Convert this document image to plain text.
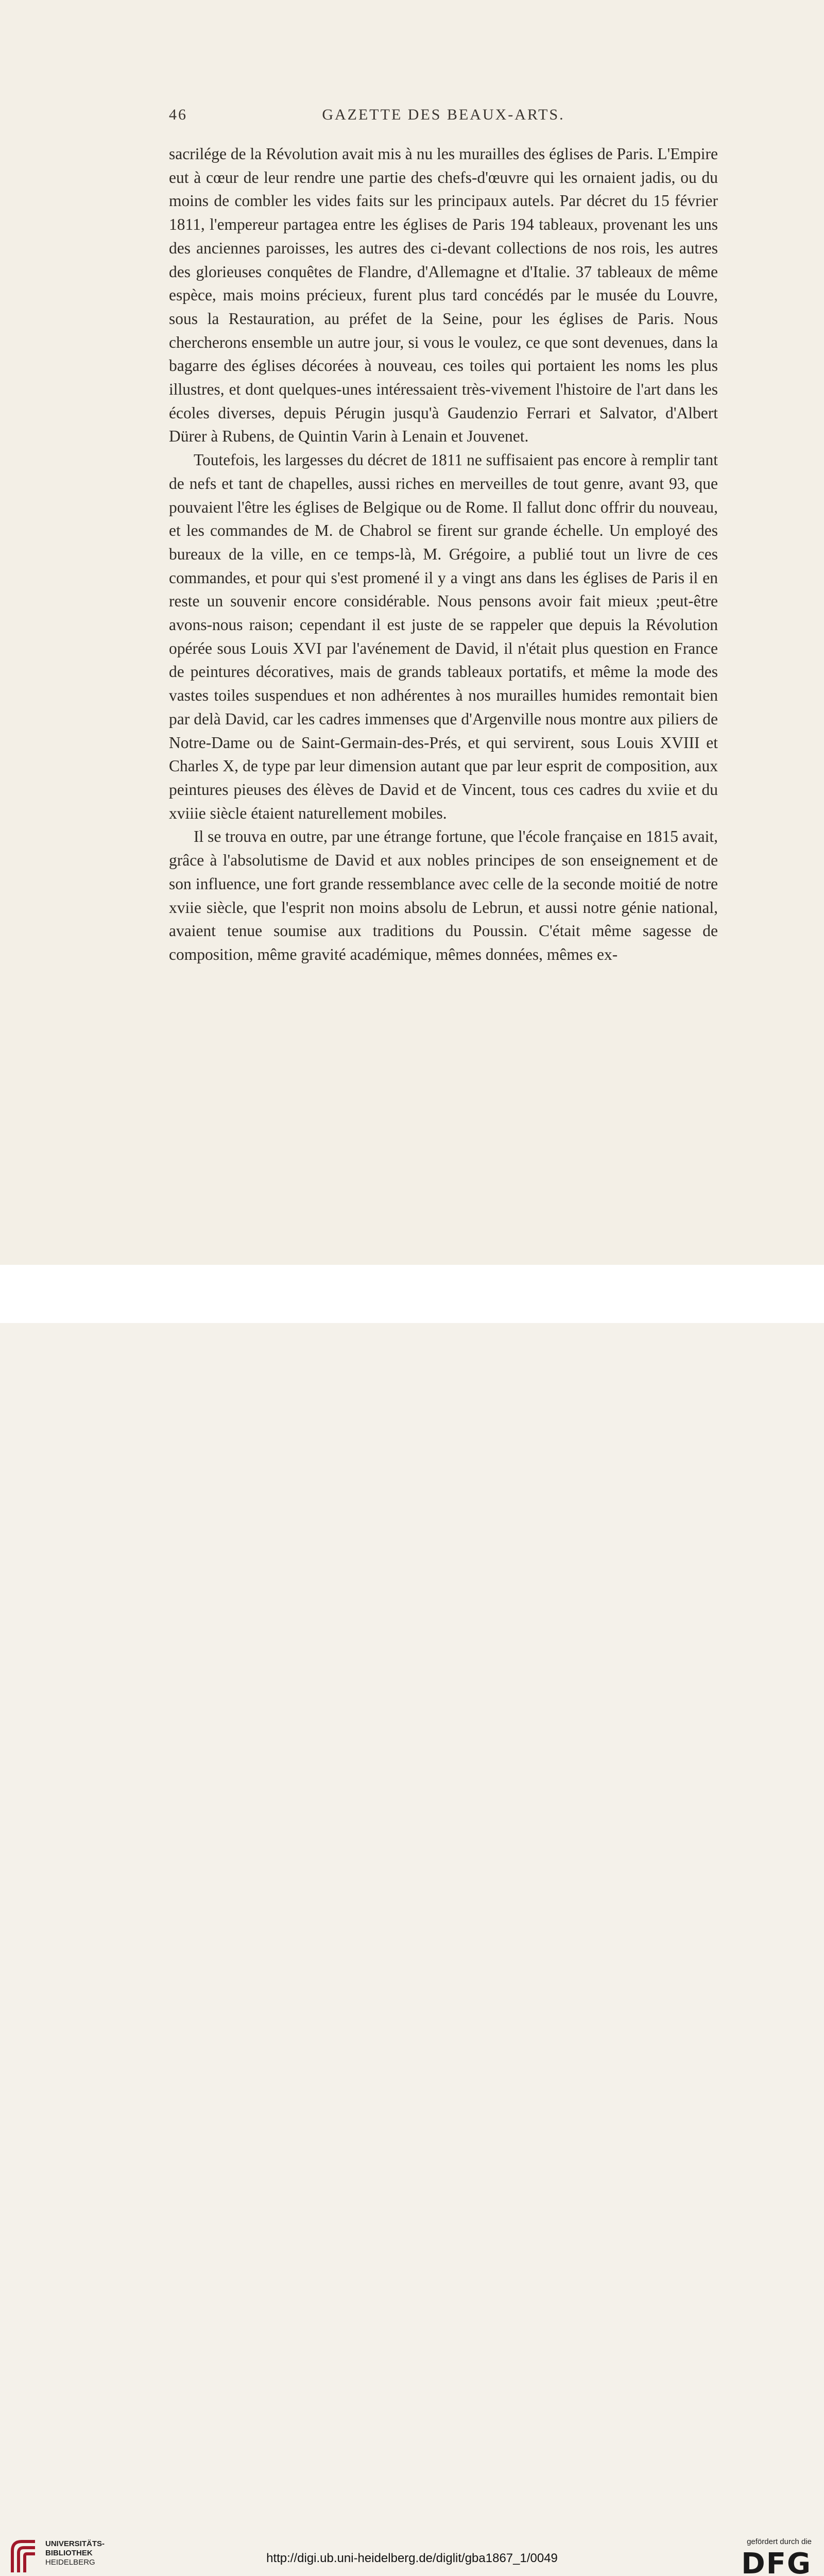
46	GAZETTE DES BEAUX-ARTS.

sacrilége de la Révolution avait mis à nu les murailles des églises de Paris. L'Empire eut à cœur de leur rendre une partie des chefs-d'œuvre qui les ornaient jadis, ou du moins de combler les vides faits sur les principaux autels. Par décret du 15 février 1811, l'empereur partagea entre les églises de Paris 194 tableaux, provenant les uns des anciennes paroisses, les autres des ci-devant collections de nos rois, les autres des glorieuses conquêtes de Flandre, d'Allemagne et d'Italie. 37 tableaux de même espèce, mais moins précieux, furent plus tard concédés par le musée du Louvre, sous la Restauration, au préfet de la Seine, pour les églises de Paris. Nous chercherons ensemble un autre jour, si vous le voulez, ce que sont devenues, dans la bagarre des églises décorées à nouveau, ces toiles qui portaient les noms les plus illustres, et dont quelques-unes intéressaient très-vivement l'histoire de l'art dans les écoles diverses, depuis Pérugin jusqu'à Gaudenzio Ferrari et Salvator, d'Albert Dürer à Rubens, de Quintin Varin à Lenain et Jouvenet.

Toutefois, les largesses du décret de 1811 ne suffisaient pas encore à remplir tant de nefs et tant de chapelles, aussi riches en merveilles de tout genre, avant 93, que pouvaient l'être les églises de Belgique ou de Rome. Il fallut donc offrir du nouveau, et les commandes de M. de Chabrol se firent sur grande échelle. Un employé des bureaux de la ville, en ce temps-là, M. Grégoire, a publié tout un livre de ces commandes, et pour qui s'est promené il y a vingt ans dans les églises de Paris il en reste un souvenir encore considérable. Nous pensons avoir fait mieux ;peut-être avons-nous raison; cependant il est juste de se rappeler que depuis la Révolution opérée sous Louis XVI par l'avénement de David, il n'était plus question en France de peintures décoratives, mais de grands tableaux portatifs, et même la mode des vastes toiles suspendues et non adhérentes à nos murailles humides remontait bien par delà David, car les cadres immenses que d'Argenville nous montre aux piliers de Notre-Dame ou de Saint-Germain-des-Prés, et qui servirent, sous Louis XVIII et Charles X, de type par leur dimension autant que par leur esprit de composition, aux peintures pieuses des élèves de David et de Vincent, tous ces cadres du xviie et du xviiie siècle étaient naturellement mobiles.

Il se trouva en outre, par une étrange fortune, que l'école française en 1815 avait, grâce à l'absolutisme de David et aux nobles principes de son enseignement et de son influence, une fort grande ressemblance avec celle de la seconde moitié de notre xviie siècle, que l'esprit non moins absolu de Lebrun, et aussi notre génie national, avaient tenue soumise aux traditions du Poussin. C'était même sagesse de composition, même gravité académique, mêmes données, mêmes ex-

UNIVERSITÄTS-
BIBLIOTHEK
HEIDELBERG	http://digi.ub.uni-heidelberg.de/diglit/gba1867_1/0049
gefördert durch die
DFG
